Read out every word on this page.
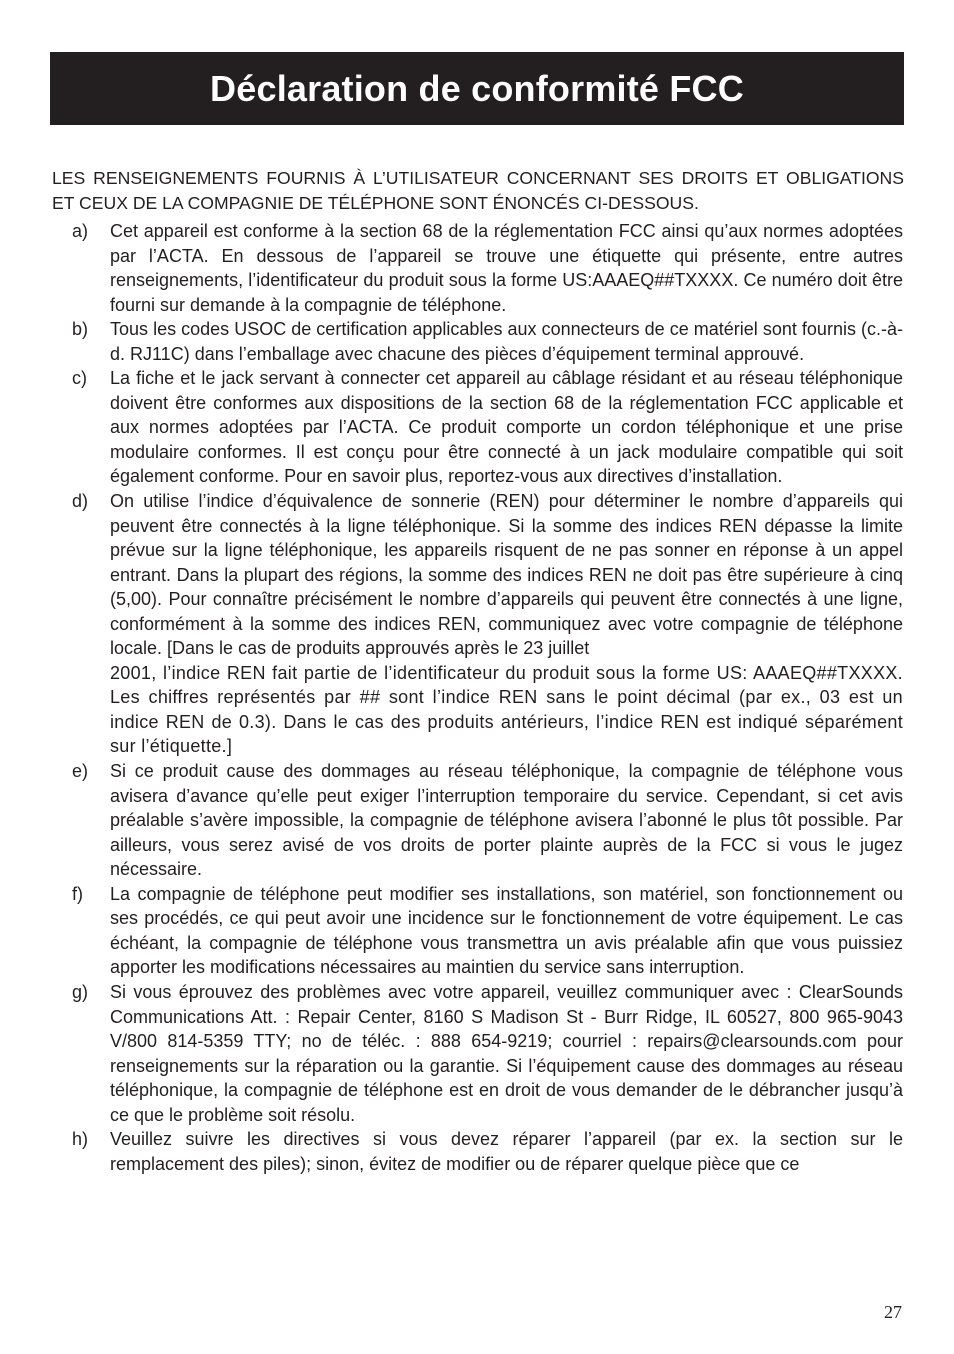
Déclaration de conformité FCC

LES RENSEIGNEMENTS FOURNIS À L’UTILISATEUR CONCERNANT SES DROITS ET OBLIGATIONS ET CEUX DE LA COMPAGNIE DE TÉLÉPHONE SONT ÉNONCÉS CI-DESSOUS.

a)	Cet appareil est conforme à la section 68 de la réglementation FCC ainsi qu’aux normes adoptées par l’ACTA. En dessous de l’appareil se trouve une étiquette qui présente, entre autres renseignements, l’identificateur du produit sous la forme US:AAAEQ##TXXXX. Ce numéro doit être fourni sur demande à la compagnie de téléphone.
b)	Tous les codes USOC de certification applicables aux connecteurs de ce matériel sont fournis (c.-à-d. RJ11C) dans l’emballage avec chacune des pièces d’équipement terminal approuvé.
c)	La fiche et le jack servant à connecter cet appareil au câblage résidant et au réseau téléphonique doivent être conformes aux dispositions de la section 68 de la réglementation FCC applicable et aux normes adoptées par l’ACTA. Ce produit comporte un cordon téléphonique et une prise modulaire conformes. Il est conçu pour être connecté à un jack modulaire compatible qui soit également conforme. Pour en savoir plus, reportez-vous aux directives d’installation.
d)	On utilise l’indice d’équivalence de sonnerie (REN) pour déterminer le nombre d’appareils qui peuvent être connectés à la ligne téléphonique. Si la somme des indices REN dépasse la limite prévue sur la ligne téléphonique, les appareils risquent de ne pas sonner en réponse à un appel entrant. Dans la plupart des régions, la somme des indices REN ne doit pas être supérieure à cinq (5,00). Pour connaître précisément le nombre d’appareils qui peuvent être connectés à une ligne, conformément à la somme des indices REN, communiquez avec votre compagnie de téléphone locale. [Dans le cas de produits approuvés après le 23 juillet
2001, l’indice REN fait partie de l’identificateur du produit sous la forme US: AAAEQ##TXXXX. Les chiffres représentés par ## sont l’indice REN sans le point décimal (par ex., 03 est un indice REN de 0.3). Dans le cas des produits antérieurs, l’indice REN est indiqué séparément sur l’étiquette.]
e)	Si ce produit cause des dommages au réseau téléphonique, la compagnie de téléphone vous avisera d’avance qu’elle peut exiger l’interruption temporaire du service. Cependant, si cet avis préalable s’avère impossible, la compagnie de téléphone avisera l’abonné le plus tôt possible. Par ailleurs, vous serez avisé de vos droits de porter plainte auprès de la FCC si vous le jugez nécessaire.
f)	La compagnie de téléphone peut modifier ses installations, son matériel, son fonctionnement ou ses procédés, ce qui peut avoir une incidence sur le fonctionnement de votre équipement. Le cas échéant, la compagnie de téléphone vous transmettra un avis préalable afin que vous puissiez apporter les modifications nécessaires au maintien du service sans interruption.
g)	Si vous éprouvez des problèmes avec votre appareil, veuillez communiquer avec : ClearSounds Communications Att. : Repair Center, 8160 S Madison St - Burr Ridge, IL 60527, 800 965-9043 V/800 814-5359 TTY; no de téléc. : 888 654-9219; courriel : repairs@clearsounds.com pour renseignements sur la réparation ou la garantie. Si l’équipement cause des dommages au réseau téléphonique, la compagnie de téléphone est en droit de vous demander de le débrancher jusqu’à ce que le problème soit résolu.
h)	Veuillez suivre les directives si vous devez réparer l’appareil (par ex. la section sur le remplacement des piles); sinon, évitez de modifier ou de réparer quelque pièce que ce
27
